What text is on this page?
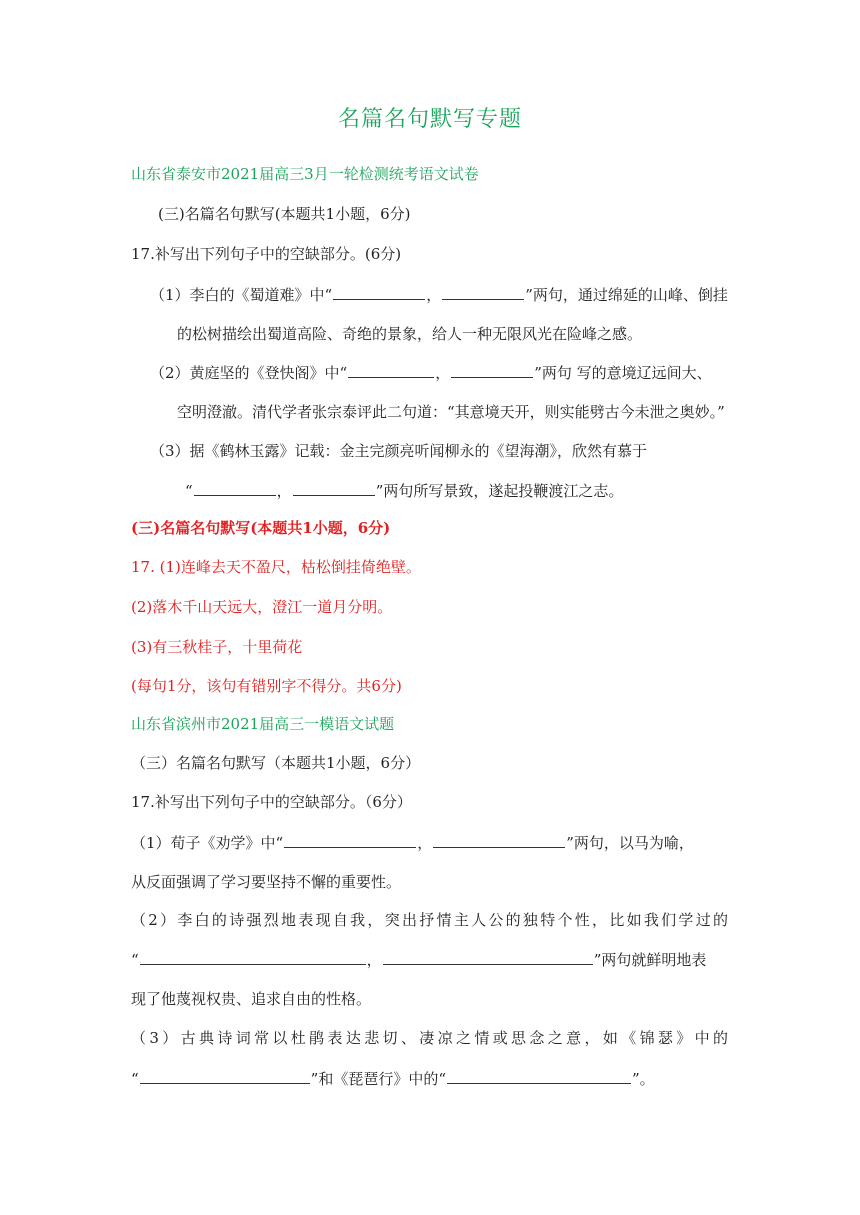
名篇名句默写专题
山东省泰安市2021届高三3月一轮检测统考语文试卷
(三)名篇名句默写(本题共1小题，6分)
17.补写出下列句子中的空缺部分。(6分)
（1）李白的《蜀道难》中“	，	”两句，通过绵延的山峰、倒挂
的松树描绘出蜀道高险、奇绝的景象，给人一种无限风光在险峰之感。
（2）黄庭坚的《登快阁》中“	，	”两句 写的意境辽远间大、
空明澄澈。清代学者张宗泰评此二句道：“其意境天开，则实能劈古今未泄之奥妙。”
（3）据《鹤林玉露》记载：金主完颜亮听闻柳永的《望海潮》，欣然有慕于
“	，	”两句所写景致，遂起投鞭渡江之志。
(三)名篇名句默写(本题共1小题，6分)
17. (1)连峰去天不盈尺，枯松倒挂倚绝壁。
(2)落木千山天远大，澄江一道月分明。
(3)有三秋桂子，十里荷花
(每句1分，该句有错别字不得分。共6分)
山东省滨州市2021届高三一模语文试题
（三）名篇名句默写（本题共1小题，6分）
17.补写出下列句子中的空缺部分。（6分）
（1）荀子《劝学》中“	，	”两句，以马为喻，
从反面强调了学习要坚持不懈的重要性。
（2）李白的诗强烈地表现自我，突出抒情主人公的独特个性，比如我们学过的
“	，	”两句就鲜明地表
现了他蔑视权贵、追求自由的性格。
（3）古典诗词常以杜鹃表达悲切、凄凉之情或思念之意，如《锦瑟》中的
“	”和《琵琶行》中的“	”。
